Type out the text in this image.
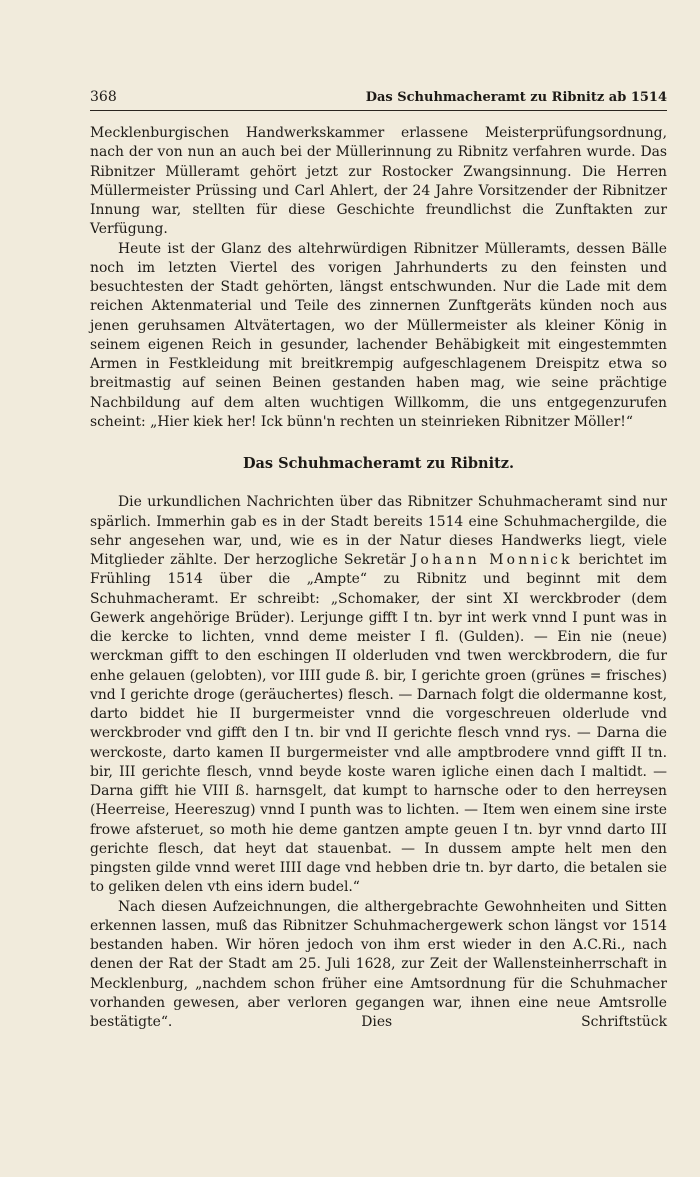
368	Das Schuhmacheramt zu Ribnitz ab 1514

Mecklenburgischen Handwerkskammer erlassene Meisterprüfungsordnung, nach der von nun an auch bei der Müllerinnung zu Ribnitz verfahren wurde. Das Ribnitzer Mülleramt gehört jetzt zur Rostocker Zwangsinnung. Die Herren Müllermeister Prüssing und Carl Ahlert, der 24 Jahre Vorsitzender der Ribnitzer Innung war, stellten für diese Geschichte freundlichst die Zunftakten zur Verfügung.

Heute ist der Glanz des altehrwürdigen Ribnitzer Mülleramts, dessen Bälle noch im letzten Viertel des vorigen Jahrhunderts zu den feinsten und besuchtesten der Stadt gehörten, längst entschwunden. Nur die Lade mit dem reichen Aktenmaterial und Teile des zinnernen Zunftgeräts künden noch aus jenen geruhsamen Altvätertagen, wo der Müllermeister als kleiner König in seinem eigenen Reich in gesunder, lachender Behäbigkeit mit eingestemmten Armen in Festkleidung mit breitkrempig aufgeschlagenem Dreispitz etwa so breitmastig auf seinen Beinen gestanden haben mag, wie seine prächtige Nachbildung auf dem alten wuchtigen Willkomm, die uns entgegenzurufen scheint: „Hier kiek her! Ick bünn'n rechten un steinrieken Ribnitzer Möller!“

Das Schuhmacheramt zu Ribnitz.

Die urkundlichen Nachrichten über das Ribnitzer Schuhmacheramt sind nur spärlich. Immerhin gab es in der Stadt bereits 1514 eine Schuhmachergilde, die sehr angesehen war, und, wie es in der Natur dieses Handwerks liegt, viele Mitglieder zählte. Der herzogliche Sekretär Johann Monnick berichtet im Frühling 1514 über die „Ampte“ zu Ribnitz und beginnt mit dem Schuhmacheramt. Er schreibt: „Schomaker, der sint XI werckbroder (dem Gewerk angehörige Brüder). Lerjunge gifft I tn. byr int werk vnnd I punt was in die kercke to lichten, vnnd deme meister I fl. (Gulden). — Ein nie (neue) werckman gifft to den eschingen II olderluden vnd twen werckbrodern, die fur enhe gelauen (gelobten), vor IIII gude ß. bir, I gerichte groen (grünes = frisches) vnd I gerichte droge (geräuchertes) flesch. — Darnach folgt die oldermanne kost, darto biddet hie II burgermeister vnnd die vorgeschreuen olderlude vnd werckbroder vnd gifft den I tn. bir vnd II gerichte flesch vnnd rys. — Darna die werckoste, darto kamen II burgermeister vnd alle amptbrodere vnnd gifft II tn. bir, III gerichte flesch, vnnd beyde koste waren igliche einen dach I maltidt. — Darna gifft hie VIII ß. harnsgelt, dat kumpt to harnsche oder to den herreysen (Heerreise, Heereszug) vnnd I punth was to lichten. — Item wen einem sine irste frowe afsteruet, so moth hie deme gantzen ampte geuen I tn. byr vnnd darto III gerichte flesch, dat heyt dat stauenbat. — In dussem ampte helt men den pingsten gilde vnnd weret IIII dage vnd hebben drie tn. byr darto, die betalen sie to geliken delen vth eins idern budel.“

Nach diesen Aufzeichnungen, die althergebrachte Gewohnheiten und Sitten erkennen lassen, muß das Ribnitzer Schuhmachergewerk schon längst vor 1514 bestanden haben. Wir hören jedoch von ihm erst wieder in den A.C.Ri., nach denen der Rat der Stadt am 25. Juli 1628, zur Zeit der Wallensteinherrschaft in Mecklenburg, „nachdem schon früher eine Amtsordnung für die Schuhmacher vorhanden gewesen, aber verloren gegangen war, ihnen eine neue Amtsrolle bestätigte“. Dies Schriftstück
